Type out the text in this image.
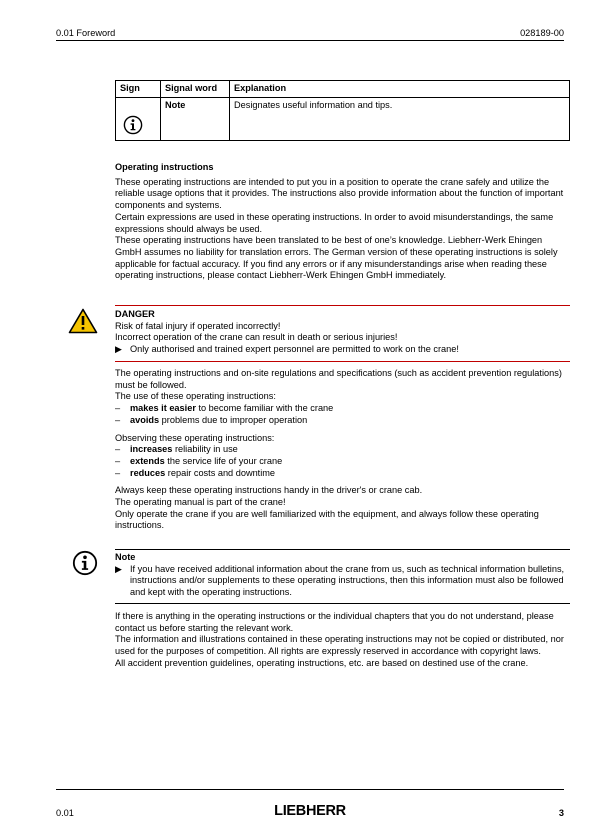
0.01 Foreword	028189-00
Sign	Signal word	Explanation

	Note	Designates useful information and tips.

Operating instructions

These operating instructions are intended to put you in a position to operate the crane safely and utilize the reliable usage options that it provides. The instructions also provide information about the function of important components and systems.

Certain expressions are used in these operating instructions. In order to avoid misunderstandings, the same expressions should always be used.

These operating instructions have been translated to be best of one’s knowledge. Liebherr-Werk Ehingen GmbH assumes no liability for translation errors. The German version of these operating instructions is solely applicable for factual accuracy. If you find any errors or if any misunderstandings arise when reading these operating instructions, please contact Liebherr-Werk Ehingen GmbH immediately.

DANGER

Risk of fatal injury if operated incorrectly!

Incorrect operation of the crane can result in death or serious injuries!

▶ Only authorised and trained expert personnel are permitted to work on the crane!

The operating instructions and on-site regulations and specifications (such as accident prevention regulations) must be followed.

The use of these operating instructions:

– makes it easier to become familiar with the crane
– avoids problems due to improper operation

Observing these operating instructions:

– increases reliability in use
– extends the service life of your crane
– reduces repair costs and downtime

Always keep these operating instructions handy in the driver's or crane cab.

The operating manual is part of the crane!

Only operate the crane if you are well familiarized with the equipment, and always follow these operating instructions.

Note

▶ If you have received additional information about the crane from us, such as technical information bulletins, instructions and/or supplements to these operating instructions, then this information must also be followed and kept with the operating instructions.

If there is anything in the operating instructions or the individual chapters that you do not understand, please contact us before starting the relevant work.

The information and illustrations contained in these operating instructions may not be copied or distributed, nor used for the purposes of competition. All rights are expressly reserved in accordance with copyright laws.

All accident prevention guidelines, operating instructions, etc. are based on destined use of the crane.

0.01	LIEBHERR	3
